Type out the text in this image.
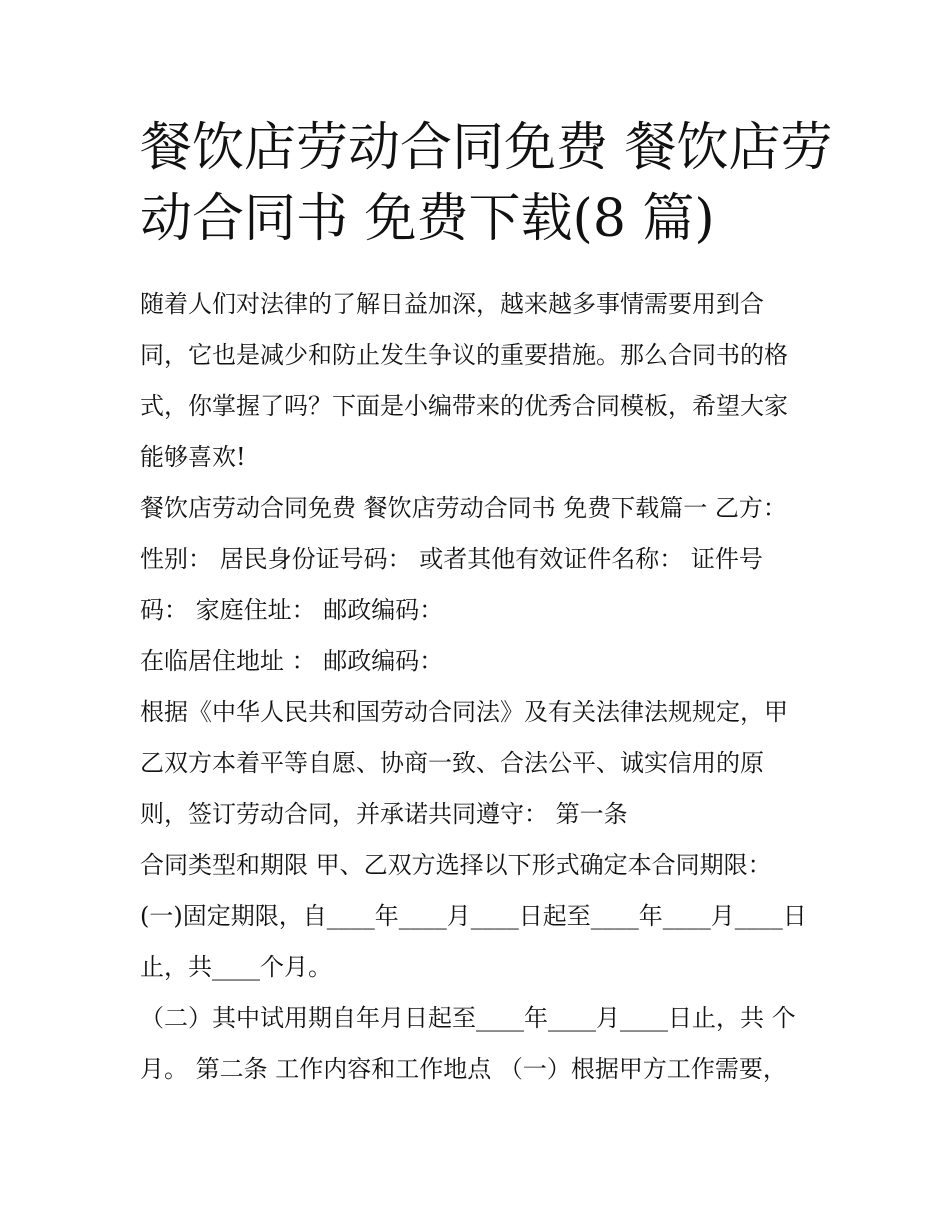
餐饮店劳动合同免费 餐饮店劳
动合同书 免费下载(8 篇)
随着人们对法律的了解日益加深，越来越多事情需要用到合
同，它也是减少和防止发生争议的重要措施。那么合同书的格
式，你掌握了吗？下面是小编带来的优秀合同模板，希望大家
能够喜欢!
餐饮店劳动合同免费 餐饮店劳动合同书 免费下载篇一 乙方：
性别： 居民身份证号码： 或者其他有效证件名称： 证件号
码： 家庭住址： 邮政编码：
在临居住地址 ： 邮政编码：
根据《中华人民共和国劳动合同法》及有关法律法规规定，甲
乙双方本着平等自愿、协商一致、合法公平、诚实信用的原
则，签订劳动合同，并承诺共同遵守： 第一条
合同类型和期限 甲、乙双方选择以下形式确定本合同期限：
(一)固定期限，自____年____月____日起至____年____月____日
止，共____个月。
（二）其中试用期自年月日起至____年____月____日止，共 个
月。 第二条 工作内容和工作地点 （一）根据甲方工作需要，
